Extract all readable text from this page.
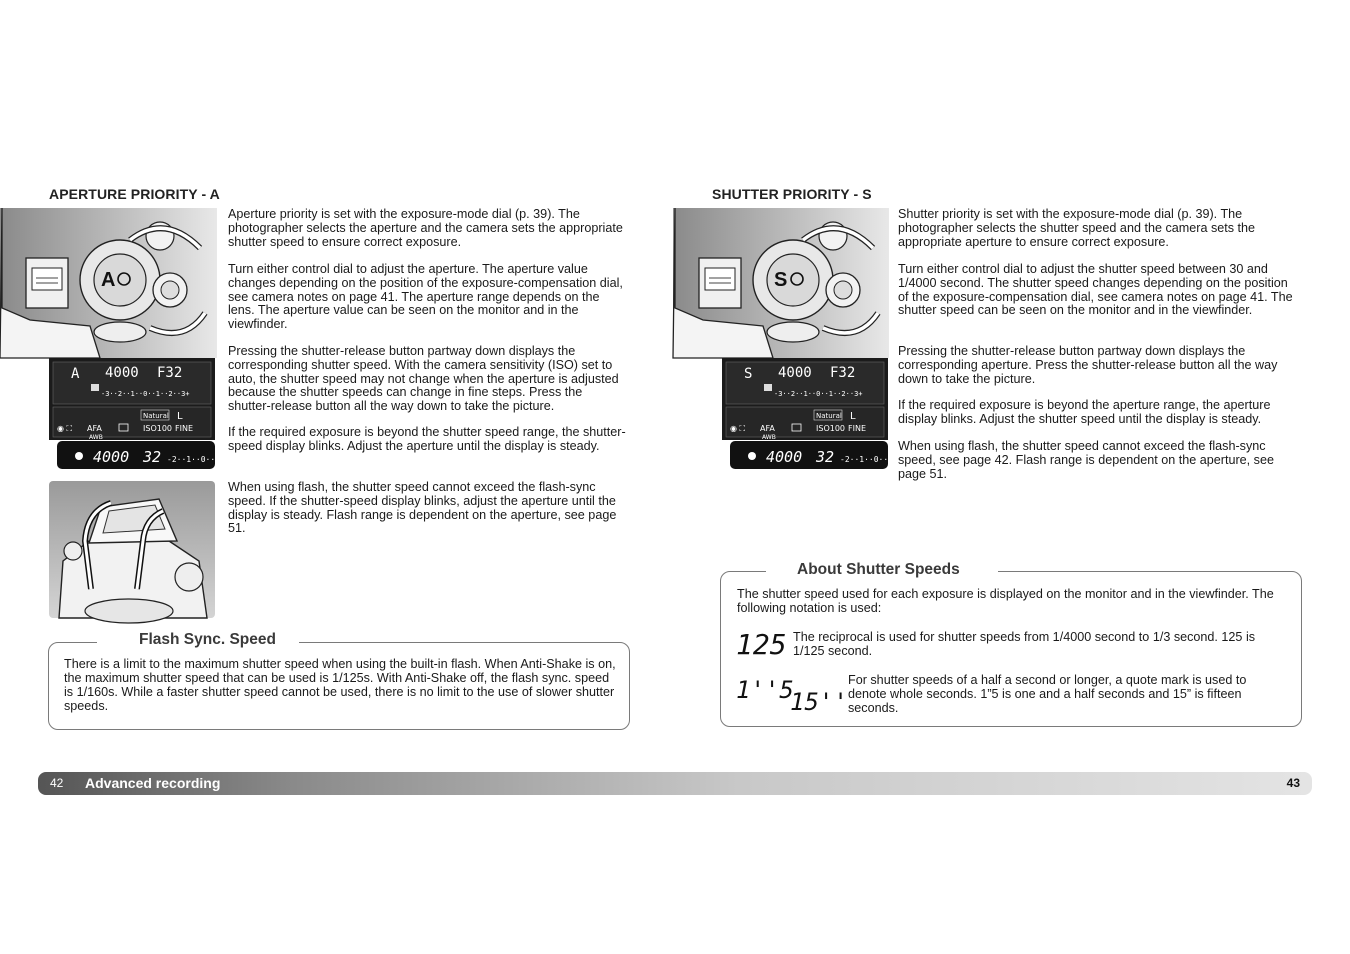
APERTURE PRIORITY - A
A
A 4000 F32
-3··2··1··0··1··2··3+
Natural L
◉ ⛶ AFA	ISO100 FINE
AWB
4000 32 -2··1··0··

Aperture priority is set with the exposure-mode dial (p. 39). The photographer selects the aperture and the camera sets the appropriate shutter speed to ensure correct exposure.

Turn either control dial to adjust the aperture. The aperture value changes depending on the position of the exposure-compensation dial, see camera notes on page 41. The aperture range depends on the lens. The aperture value can be seen on the monitor and in the viewfinder.

Pressing the shutter-release button partway down displays the corresponding shutter speed. With the camera sensitivity (ISO) set to auto, the shutter speed may not change when the aperture is adjusted because the shutter speeds can change in fine steps. Press the shutter-release button all the way down to take the picture.

If the required exposure is beyond the shutter speed range, the shutter-speed display blinks. Adjust the aperture until the display is steady.

When using flash, the shutter speed cannot exceed the flash-sync speed. If the shutter-speed display blinks, adjust the aperture until the display is steady. Flash range is dependent on the aperture, see page 51.

Flash Sync. Speed

There is a limit to the maximum shutter speed when using the built-in flash. When Anti-Shake is on, the maximum shutter speed that can be used is 1/125s. With Anti-Shake off, the flash sync. speed is 1/160s. While a faster shutter speed cannot be used, there is no limit to the use of slower shutter speeds.

SHUTTER PRIORITY - S
S
S 4000 F32
-3··2··1··0··1··2··3+
Natural L
◉ ⛶ AFA	ISO100 FINE
AWB
4000 32 -2··1··0··

Shutter priority is set with the exposure-mode dial (p. 39). The photographer selects the shutter speed and the camera sets the appropriate aperture to ensure correct exposure.

Turn either control dial to adjust the shutter speed between 30 and 1/4000 second. The shutter speed changes depending on the position of the exposure-compensation dial, see camera notes on page 41. The shutter speed can be seen on the monitor and in the viewfinder.

Pressing the shutter-release button partway down displays the corresponding aperture. Press the shutter-release button all the way down to take the picture.

If the required exposure is beyond the aperture range, the aperture display blinks. Adjust the shutter speed until the display is steady.

When using flash, the shutter speed cannot exceed the flash-sync speed, see page 42. Flash range is dependent on the aperture, see page 51.

About Shutter Speeds

The shutter speed used for each exposure is displayed on the monitor and in the viewfinder. The following notation is used:

125 The reciprocal is used for shutter speeds from 1/4000 second to 1/3 second. 125 is 1/125 second.

1''5
15''

For shutter speeds of a half a second or longer, a quote mark is used to denote whole seconds. 1”5 is one and a half seconds and 15” is fifteen seconds.

42 Advanced recording	43
